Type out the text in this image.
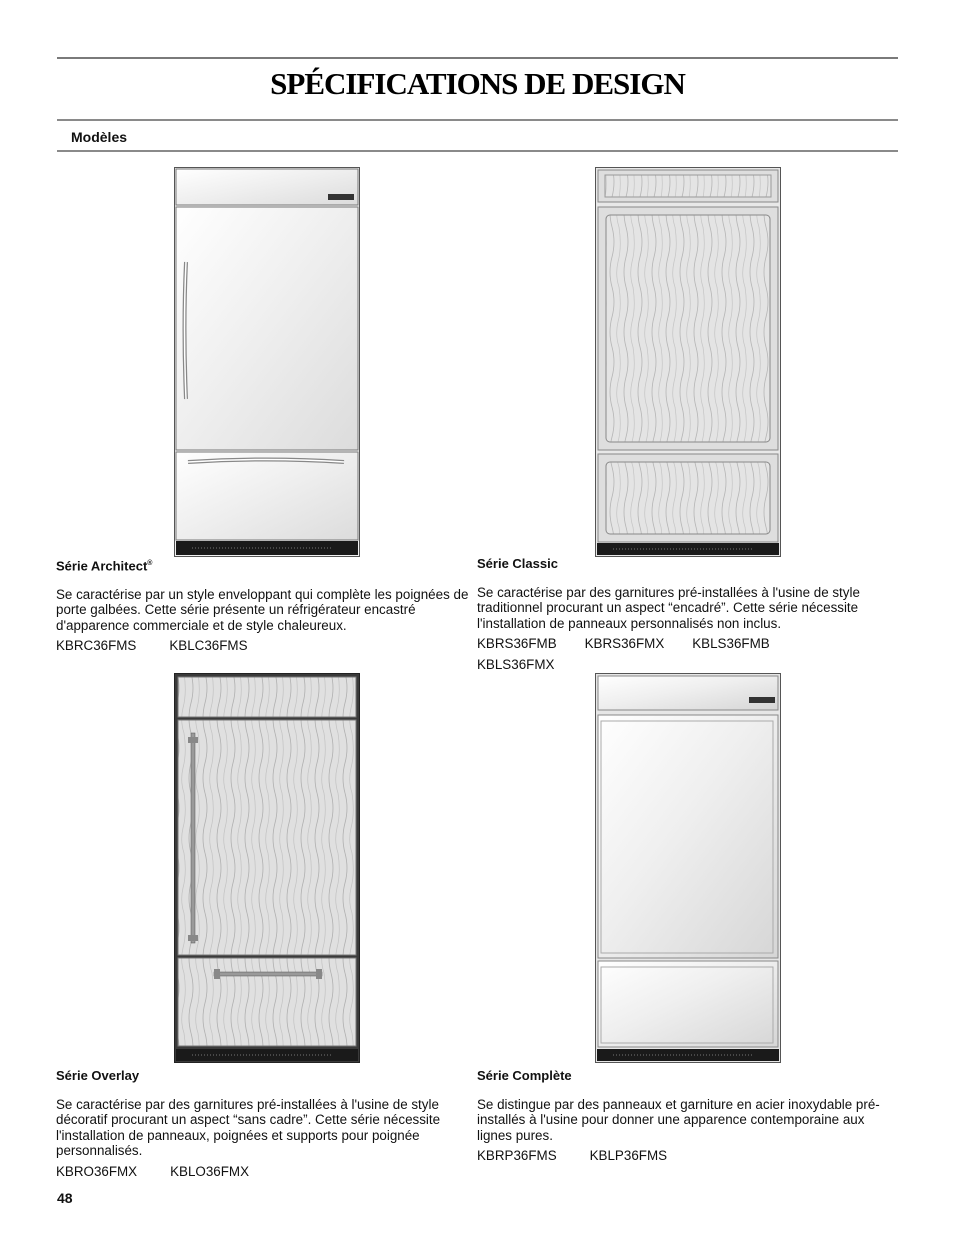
SPÉCIFICATIONS DE DESIGN
Modèles
Série Architect®

Se caractérise par un style enveloppant qui complète les poignées de porte galbées. Cette série présente un réfrigérateur encastré d'apparence commerciale et de style chaleureux.

KBRC36FMS KBLC36FMS
Série Classic

Se caractérise par des garnitures pré-installées à l'usine de style traditionnel procurant un aspect “encadré”. Cette série nécessite l'installation de panneaux personnalisés non inclus.

KBRS36FMB KBRS36FMX KBLS36FMB
KBLS36FMX
Série Overlay

Se caractérise par des garnitures pré-installées à l'usine de style décoratif procurant un aspect “sans cadre”. Cette série nécessite l'installation de panneaux, poignées et supports pour poignée personnalisés.

KBRO36FMX KBLO36FMX
Série Complète

Se distingue par des panneaux et garniture en acier inoxydable pré-installés à l'usine pour donner une apparence contemporaine aux lignes pures.

KBRP36FMS KBLP36FMS
48
